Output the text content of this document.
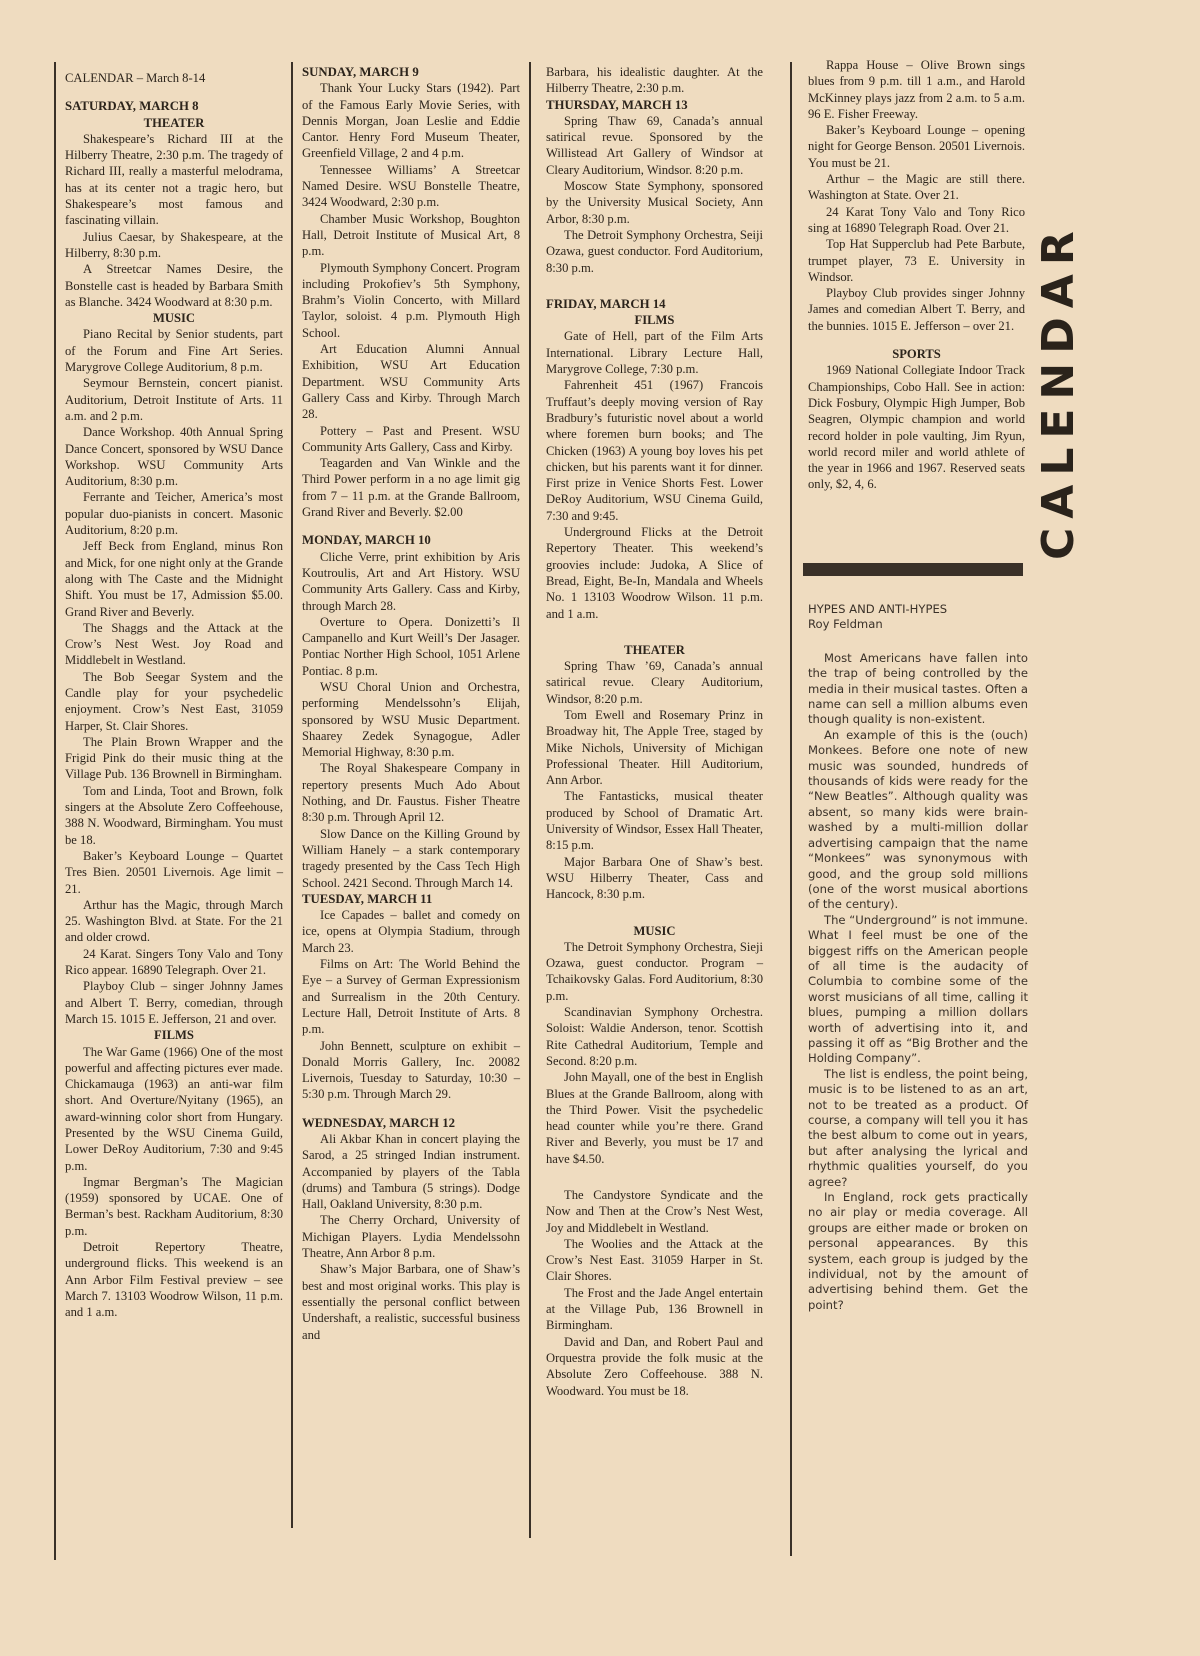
CALENDAR – March 8-14

SATURDAY, MARCH 8

THEATER

Shakespeare’s Richard III at the Hilberry Theatre, 2:30 p.m. The tragedy of Richard III, really a masterful melodrama, has at its center not a tragic hero, but Shakespeare’s most famous and fascinating villain.

Julius Caesar, by Shakespeare, at the Hilberry, 8:30 p.m.

A Streetcar Names Desire, the Bonstelle cast is headed by Barbara Smith as Blanche. 3424 Woodward at 8:30 p.m.

MUSIC

Piano Recital by Senior students, part of the Forum and Fine Art Series. Marygrove College Auditorium, 8 p.m.

Seymour Bernstein, concert pianist. Auditorium, Detroit Institute of Arts. 11 a.m. and 2 p.m.

Dance Workshop. 40th Annual Spring Dance Concert, sponsored by WSU Dance Workshop. WSU Community Arts Auditorium, 8:30 p.m.

Ferrante and Teicher, America’s most popular duo-pianists in concert. Masonic Auditorium, 8:20 p.m.

Jeff Beck from England, minus Ron and Mick, for one night only at the Grande along with The Caste and the Midnight Shift. You must be 17, Admission $5.00. Grand River and Beverly.

The Shaggs and the Attack at the Crow’s Nest West. Joy Road and Middlebelt in Westland.

The Bob Seegar System and the Candle play for your psychedelic enjoyment. Crow’s Nest East, 31059 Harper, St. Clair Shores.

The Plain Brown Wrapper and the Frigid Pink do their music thing at the Village Pub. 136 Brownell in Birmingham.

Tom and Linda, Toot and Brown, folk singers at the Absolute Zero Coffeehouse, 388 N. Woodward, Birmingham. You must be 18.

Baker’s Keyboard Lounge – Quartet Tres Bien. 20501 Livernois. Age limit – 21.

Arthur has the Magic, through March 25. Washington Blvd. at State. For the 21 and older crowd.

24 Karat. Singers Tony Valo and Tony Rico appear. 16890 Telegraph. Over 21.

Playboy Club – singer Johnny James and Albert T. Berry, comedian, through March 15. 1015 E. Jefferson, 21 and over.

FILMS

The War Game (1966) One of the most powerful and affecting pictures ever made. Chickamauga (1963) an anti-war film short. And Overture/Nyitany (1965), an award-winning color short from Hungary. Presented by the WSU Cinema Guild, Lower DeRoy Auditorium, 7:30 and 9:45 p.m.

Ingmar Bergman’s The Magician (1959) sponsored by UCAE. One of Berman’s best. Rackham Auditorium, 8:30 p.m.

Detroit Repertory Theatre, underground flicks. This weekend is an Ann Arbor Film Festival preview – see March 7. 13103 Woodrow Wilson, 11 p.m. and 1 a.m.

SUNDAY, MARCH 9

Thank Your Lucky Stars (1942). Part of the Famous Early Movie Series, with Dennis Morgan, Joan Leslie and Eddie Cantor. Henry Ford Museum Theater, Greenfield Village, 2 and 4 p.m.

Tennessee Williams’ A Streetcar Named Desire. WSU Bonstelle Theatre, 3424 Woodward, 2:30 p.m.

Chamber Music Workshop, Boughton Hall, Detroit Institute of Musical Art, 8 p.m.

Plymouth Symphony Concert. Program including Prokofiev’s 5th Symphony, Brahm’s Violin Concerto, with Millard Taylor, soloist. 4 p.m. Plymouth High School.

Art Education Alumni Annual Exhibition, WSU Art Education Department. WSU Community Arts Gallery Cass and Kirby. Through March 28.

Pottery – Past and Present. WSU Community Arts Gallery, Cass and Kirby.

Teagarden and Van Winkle and the Third Power perform in a no age limit gig from 7 – 11 p.m. at the Grande Ballroom, Grand River and Beverly. $2.00

MONDAY, MARCH 10

Cliche Verre, print exhibition by Aris Koutroulis, Art and Art History. WSU Community Arts Gallery. Cass and Kirby, through March 28.

Overture to Opera. Donizetti’s Il Campanello and Kurt Weill’s Der Jasager. Pontiac Norther High School, 1051 Arlene Pontiac. 8 p.m.

WSU Choral Union and Orchestra, performing Mendelssohn’s Elijah, sponsored by WSU Music Department. Shaarey Zedek Synagogue, Adler Memorial Highway, 8:30 p.m.

The Royal Shakespeare Company in repertory presents Much Ado About Nothing, and Dr. Faustus. Fisher Theatre 8:30 p.m. Through April 12.

Slow Dance on the Killing Ground by William Hanely – a stark contemporary tragedy presented by the Cass Tech High School. 2421 Second. Through March 14.

TUESDAY, MARCH 11

Ice Capades – ballet and comedy on ice, opens at Olympia Stadium, through March 23.

Films on Art: The World Behind the Eye – a Survey of German Expressionism and Surrealism in the 20th Century. Lecture Hall, Detroit Institute of Arts. 8 p.m.

John Bennett, sculpture on exhibit – Donald Morris Gallery, Inc. 20082 Livernois, Tuesday to Saturday, 10:30 – 5:30 p.m. Through March 29.

WEDNESDAY, MARCH 12

Ali Akbar Khan in concert playing the Sarod, a 25 stringed Indian instrument. Accompanied by players of the Tabla (drums) and Tambura (5 strings). Dodge Hall, Oakland University, 8:30 p.m.

The Cherry Orchard, University of Michigan Players. Lydia Mendelssohn Theatre, Ann Arbor 8 p.m.

Shaw’s Major Barbara, one of Shaw’s best and most original works. This play is essentially the personal conflict between Undershaft, a realistic, successful business and

Barbara, his idealistic daughter. At the Hilberry Theatre, 2:30 p.m.

THURSDAY, MARCH 13

Spring Thaw 69, Canada’s annual satirical revue. Sponsored by the Willistead Art Gallery of Windsor at Cleary Auditorium, Windsor. 8:20 p.m.

Moscow State Symphony, sponsored by the University Musical Society, Ann Arbor, 8:30 p.m.

The Detroit Symphony Orchestra, Seiji Ozawa, guest conductor. Ford Auditorium, 8:30 p.m.

FRIDAY, MARCH 14

FILMS

Gate of Hell, part of the Film Arts International. Library Lecture Hall, Marygrove College, 7:30 p.m.

Fahrenheit 451 (1967) Francois Truffaut’s deeply moving version of Ray Bradbury’s futuristic novel about a world where foremen burn books; and The Chicken (1963) A young boy loves his pet chicken, but his parents want it for dinner. First prize in Venice Shorts Fest. Lower DeRoy Auditorium, WSU Cinema Guild, 7:30 and 9:45.

Underground Flicks at the Detroit Repertory Theater. This weekend’s groovies include: Judoka, A Slice of Bread, Eight, Be-In, Mandala and Wheels No. 1 13103 Woodrow Wilson. 11 p.m. and 1 a.m.

THEATER

Spring Thaw ’69, Canada’s annual satirical revue. Cleary Auditorium, Windsor, 8:20 p.m.

Tom Ewell and Rosemary Prinz in Broadway hit, The Apple Tree, staged by Mike Nichols, University of Michigan Professional Theater. Hill Auditorium, Ann Arbor.

The Fantasticks, musical theater produced by School of Dramatic Art. University of Windsor, Essex Hall Theater, 8:15 p.m.

Major Barbara One of Shaw’s best. WSU Hilberry Theater, Cass and Hancock, 8:30 p.m.

MUSIC

The Detroit Symphony Orchestra, Sieji Ozawa, guest conductor. Program – Tchaikovsky Galas. Ford Auditorium, 8:30 p.m.

Scandinavian Symphony Orchestra. Soloist: Waldie Anderson, tenor. Scottish Rite Cathedral Auditorium, Temple and Second. 8:20 p.m.

John Mayall, one of the best in English Blues at the Grande Ballroom, along with the Third Power. Visit the psychedelic head counter while you’re there. Grand River and Beverly, you must be 17 and have $4.50.

The Candystore Syndicate and the Now and Then at the Crow’s Nest West, Joy and Middlebelt in Westland.

The Woolies and the Attack at the Crow’s Nest East. 31059 Harper in St. Clair Shores.

The Frost and the Jade Angel entertain at the Village Pub, 136 Brownell in Birmingham.

David and Dan, and Robert Paul and Orquestra provide the folk music at the Absolute Zero Coffeehouse. 388 N. Woodward. You must be 18.

Rappa House – Olive Brown sings blues from 9 p.m. till 1 a.m., and Harold McKinney plays jazz from 2 a.m. to 5 a.m. 96 E. Fisher Freeway.

Baker’s Keyboard Lounge – opening night for George Benson. 20501 Livernois. You must be 21.

Arthur – the Magic are still there. Washington at State. Over 21.

24 Karat Tony Valo and Tony Rico sing at 16890 Telegraph Road. Over 21.

Top Hat Supperclub had Pete Barbute, trumpet player, 73 E. University in Windsor.

Playboy Club provides singer Johnny James and comedian Albert T. Berry, and the bunnies. 1015 E. Jefferson – over 21.

SPORTS

1969 National Collegiate Indoor Track Championships, Cobo Hall. See in action: Dick Fosbury, Olympic High Jumper, Bob Seagren, Olympic champion and world record holder in pole vaulting, Jim Ryun, world record miler and world athlete of the year in 1966 and 1967. Reserved seats only, $2, 4, 6.	CALENDAR

HYPES AND ANTI-HYPES

Roy Feldman

Most Americans have fallen into the trap of being controlled by the media in their musical tastes. Often a name can sell a million albums even though quality is non-existent.

An example of this is the (ouch) Monkees. Before one note of new music was sounded, hundreds of thousands of kids were ready for the “New Beatles”. Although quality was absent, so many kids were brain-washed by a multi-million dollar advertising campaign that the name “Monkees” was synonymous with good, and the group sold millions (one of the worst musical abortions of the century).

The “Underground” is not immune. What I feel must be one of the biggest riffs on the American people of all time is the audacity of Columbia to combine some of the worst musicians of all time, calling it blues, pumping a million dollars worth of advertising into it, and passing it off as “Big Brother and the Holding Company”.

The list is endless, the point being, music is to be listened to as an art, not to be treated as a product. Of course, a company will tell you it has the best album to come out in years, but after analysing the lyrical and rhythmic qualities yourself, do you agree?

In England, rock gets practically no air play or media coverage. All groups are either made or broken on personal appearances. By this system, each group is judged by the individual, not by the amount of advertising behind them. Get the point?
